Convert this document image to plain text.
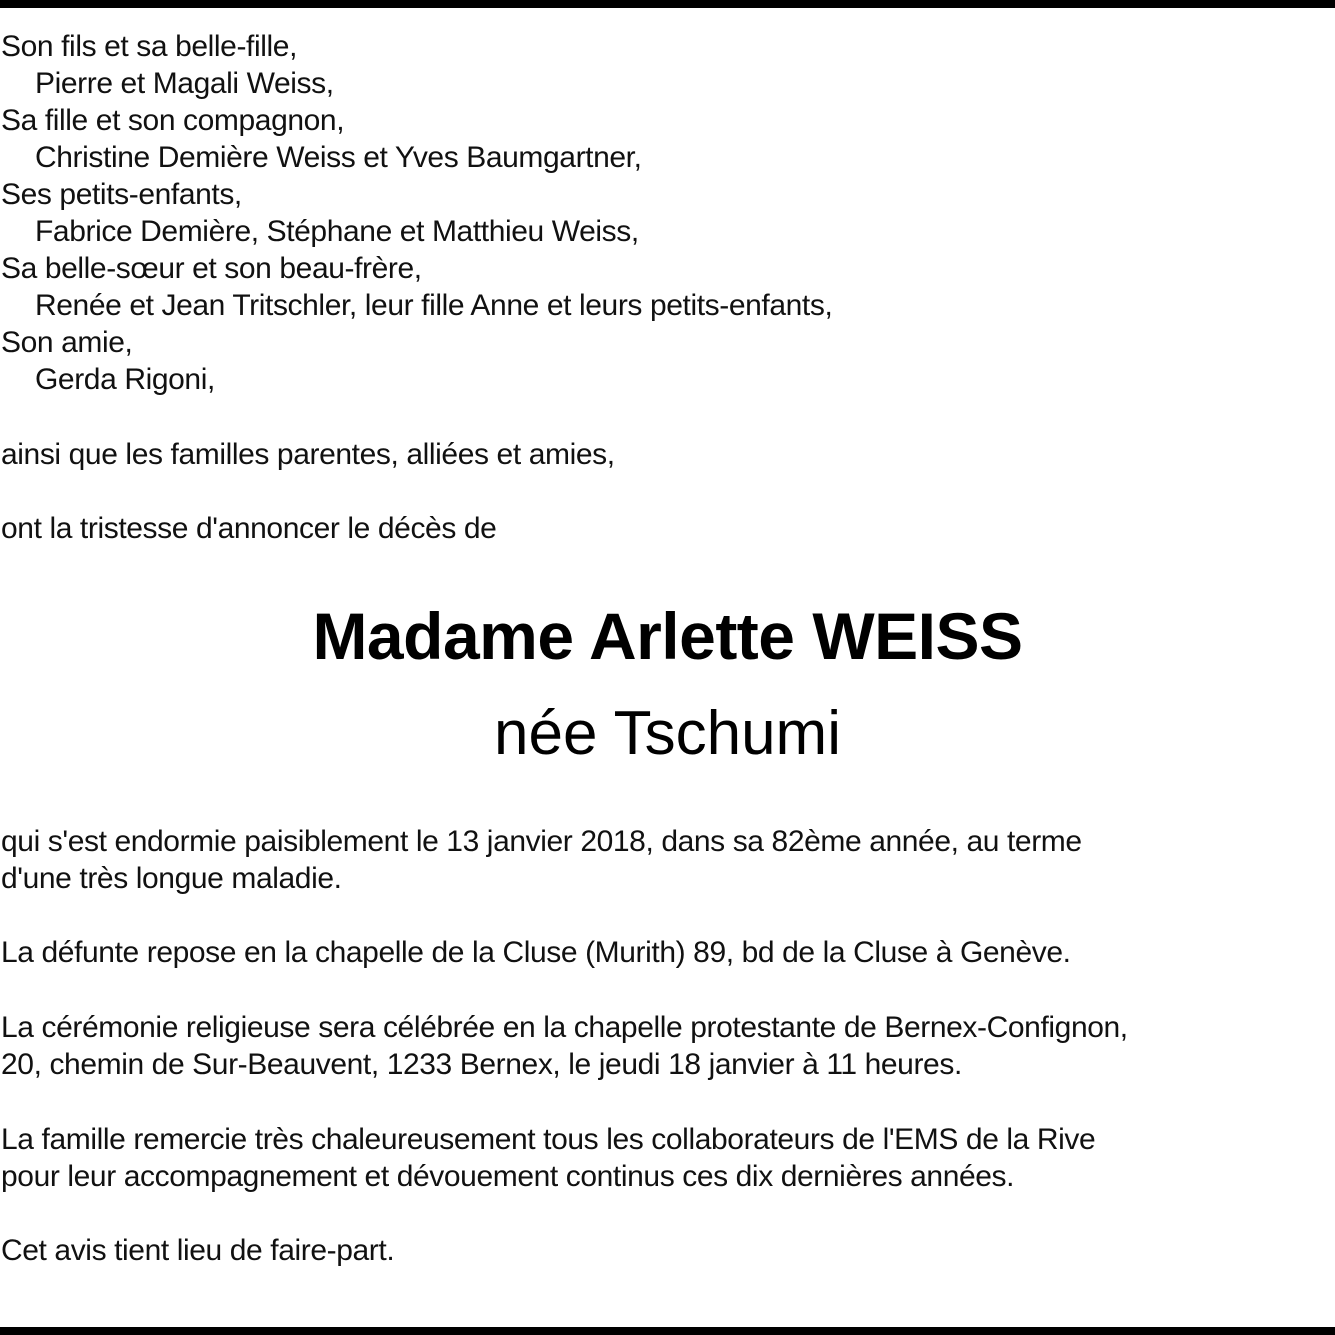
Son fils et sa belle-fille,
Pierre et Magali Weiss,
Sa fille et son compagnon,
Christine Demière Weiss et Yves Baumgartner,
Ses petits-enfants,
Fabrice Demière, Stéphane et Matthieu Weiss,
Sa belle-sœur et son beau-frère,
Renée et Jean Tritschler, leur fille Anne et leurs petits-enfants,
Son amie,
Gerda Rigoni,
ainsi que les familles parentes, alliées et amies,
ont la tristesse d'annoncer le décès de
Madame Arlette WEISS
née Tschumi
qui s'est endormie paisiblement le 13 janvier 2018, dans sa 82ème année, au terme
d'une très longue maladie.
La défunte repose en la chapelle de la Cluse (Murith) 89, bd de la Cluse à Genève.
La cérémonie religieuse sera célébrée en la chapelle protestante de Bernex-Confignon,
20, chemin de Sur-Beauvent, 1233 Bernex, le jeudi 18 janvier à 11 heures.
La famille remercie très chaleureusement tous les collaborateurs de l'EMS de la Rive
pour leur accompagnement et dévouement continus ces dix dernières années.
Cet avis tient lieu de faire-part.
